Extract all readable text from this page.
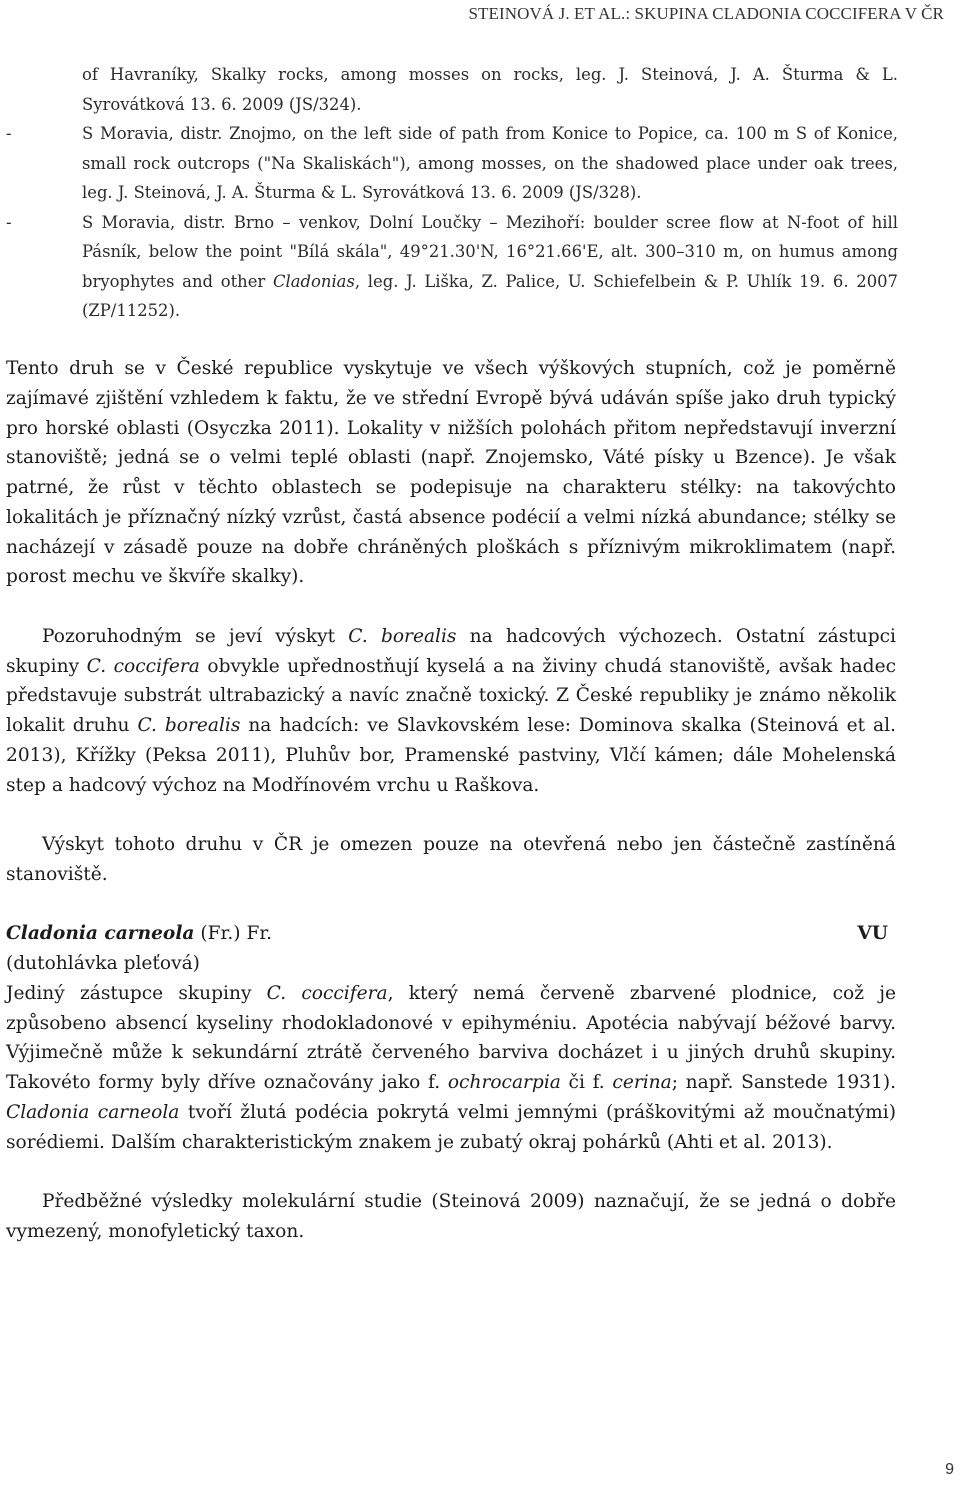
STEINOVÁ J. ET AL.: SKUPINA CLADONIA COCCIFERA V ČR
of Havraníky, Skalky rocks, among mosses on rocks, leg. J. Steinová, J. A. Šturma & L. Syrovátková 13. 6. 2009 (JS/324).
-	S Moravia, distr. Znojmo, on the left side of path from Konice to Popice, ca. 100 m S of Konice, small rock outcrops ("Na Skaliskách"), among mosses, on the shadowed place under oak trees, leg. J. Steinová, J. A. Šturma & L. Syrovátková 13. 6. 2009 (JS/328).
-	S Moravia, distr. Brno – venkov, Dolní Loučky – Mezihoří: boulder scree flow at N-foot of hill Pásník, below the point "Bílá skála", 49°21.30'N, 16°21.66'E, alt. 300–310 m, on humus among bryophytes and other Cladonias, leg. J. Liška, Z. Palice, U. Schiefelbein & P. Uhlík 19. 6. 2007 (ZP/11252).

Tento druh se v České republice vyskytuje ve všech výškových stupních, což je poměrně zajímavé zjištění vzhledem k faktu, že ve střední Evropě bývá udáván spíše jako druh typický pro horské oblasti (Osyczka 2011). Lokality v nižších polohách přitom nepředstavují inverzní stanoviště; jedná se o velmi teplé oblasti (např. Znojemsko, Váté písky u Bzence). Je však patrné, že růst v těchto oblastech se podepisuje na charakteru stélky: na takovýchto lokalitách je příznačný nízký vzrůst, častá absence podécií a velmi nízká abundance; stélky se nacházejí v zásadě pouze na dobře chráněných ploškách s příznivým mikroklimatem (např. porost mechu ve škvíře skalky).

Pozoruhodným se jeví výskyt C. borealis na hadcových výchozech. Ostatní zástupci skupiny C. coccifera obvykle upřednostňují kyselá a na živiny chudá stanoviště, avšak hadec představuje substrát ultrabazický a navíc značně toxický. Z České republiky je známo několik lokalit druhu C. borealis na hadcích: ve Slavkovském lese: Dominova skalka (Steinová et al. 2013), Křížky (Peksa 2011), Pluhův bor, Pramenské pastviny, Vlčí kámen; dále Mohelenská step a hadcový výchoz na Modřínovém vrchu u Raškova.

Výskyt tohoto druhu v ČR je omezen pouze na otevřená nebo jen částečně zastíněná stanoviště.

Cladonia carneola (Fr.) Fr.	VU

(dutohlávka pleťová)

Jediný zástupce skupiny C. coccifera, který nemá červeně zbarvené plodnice, což je způsobeno absencí kyseliny rhodokladonové v epihyméniu. Apotécia nabývají béžové barvy. Výjimečně může k sekundární ztrátě červeného barviva docházet i u jiných druhů skupiny. Takovéto formy byly dříve označovány jako f. ochrocarpia či f. cerina; např. Sanstede 1931). Cladonia carneola tvoří žlutá podécia pokrytá velmi jemnými (práškovitými až moučnatými) sorédiemi. Dalším charakteristickým znakem je zubatý okraj pohárků (Ahti et al. 2013).

Předběžné výsledky molekulární studie (Steinová 2009) naznačují, že se jedná o dobře vymezený, monofyletický taxon.

9
